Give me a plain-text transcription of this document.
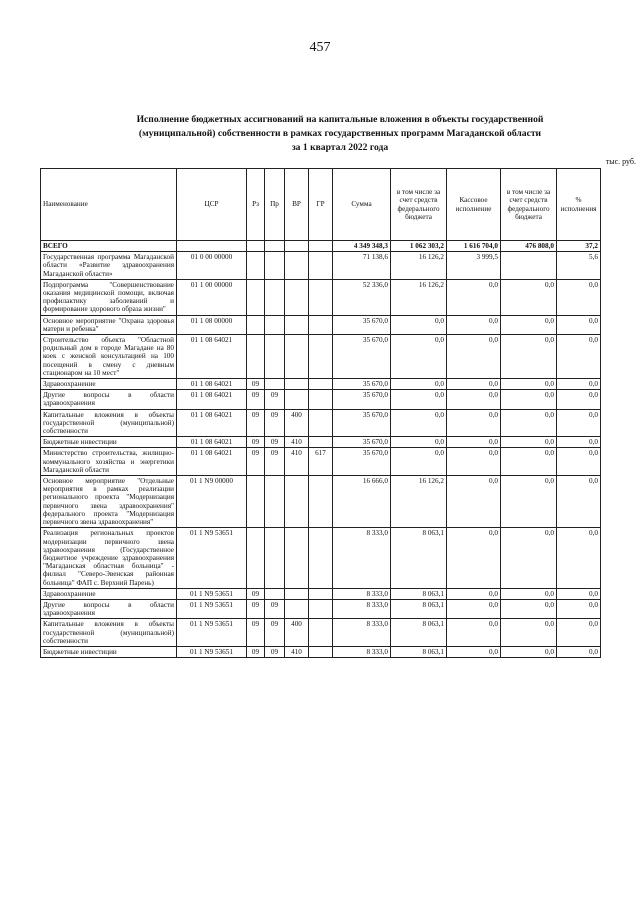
457
Исполнение бюджетных ассигнований на капитальные вложения в объекты государственной
(муниципальной) собственности в рамках государственных программ Магаданской области
за 1 квартал 2022 года
тыс. руб.
Наименование	ЦСР	Рз	Пр	ВР	ГР	Сумма	в том числе за счет средств федерального бюджета	Кассовое исполнение	в том числе за счет средств федерального бюджета	% исполнения
ВСЕГО						4 349 348,3	1 062 303,2	1 616 704,0	476 808,0	37,2
Государственная программа Магаданской области «Развитие здравоохранения Магаданской области»	01 0 00 00000					71 138,6	16 126,2	3 999,5		5,6
Подпрограмма "Совершенствование оказания медицинской помощи, включая профилактику заболеваний и формирование здорового образа жизни"	01 1 00 00000					52 336,0	16 126,2	0,0	0,0	0,0
Основное мероприятие "Охрана здоровья матери и ребенка"	01 1 08 00000					35 670,0	0,0	0,0	0,0	0,0
Строительство объекта "Областной родильный дом в городе Магадане на 80 коек с женской консультацией на 100 посещений в смену с дневным стационаром на 10 мест"	01 1 08 64021					35 670,0	0,0	0,0	0,0	0,0
Здравоохранение	01 1 08 64021	09				35 670,0	0,0	0,0	0,0	0,0
Другие вопросы в области здравоохранения	01 1 08 64021	09	09			35 670,0	0,0	0,0	0,0	0,0
Капитальные вложения в объекты государственной (муниципальной) собственности	01 1 08 64021	09	09	400		35 670,0	0,0	0,0	0,0	0,0
Бюджетные инвестиции	01 1 08 64021	09	09	410		35 670,0	0,0	0,0	0,0	0,0
Министерство строительства, жилищно-коммунального хозяйства и энергетики Магаданской области	01 1 08 64021	09	09	410	617	35 670,0	0,0	0,0	0,0	0,0
Основное мероприятие "Отдельные мероприятия в рамках реализации регионального проекта "Модернизация первичного звена здравоохранения" федерального проекта "Модернизация первичного звена здравоохранения"	01 1 N9 00000					16 666,0	16 126,2	0,0	0,0	0,0
Реализация региональных проектов модернизации первичного звена здравоохранения (Государственное бюджетное учреждение здравоохранения "Магаданская областная больница" - филиал "Северо-Эвенская районная больница" ФАП с. Верхний Парень)	01 1 N9 53651					8 333,0	8 063,1	0,0	0,0	0,0
Здравоохранение	01 1 N9 53651	09				8 333,0	8 063,1	0,0	0,0	0,0
Другие вопросы в области здравоохранения	01 1 N9 53651	09	09			8 333,0	8 063,1	0,0	0,0	0,0
Капитальные вложения в объекты государственной (муниципальной) собственности	01 1 N9 53651	09	09	400		8 333,0	8 063,1	0,0	0,0	0,0
Бюджетные инвестиции	01 1 N9 53651	09	09	410		8 333,0	8 063,1	0,0	0,0	0,0
